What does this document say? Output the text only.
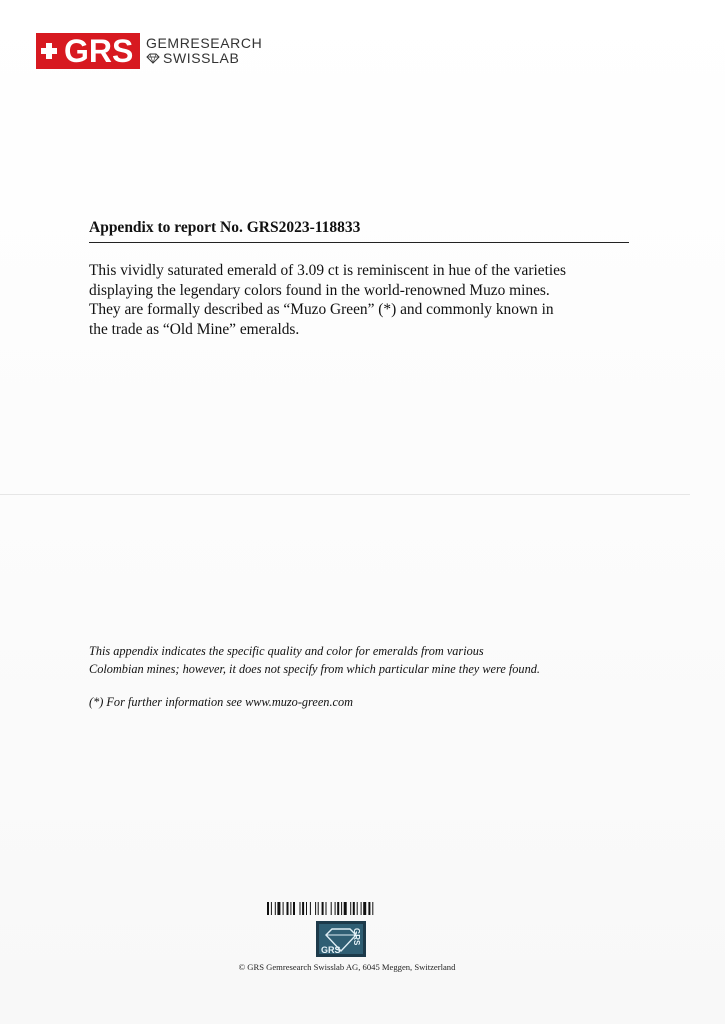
GRS GEMRESEARCH
SWISSLAB
Appendix to report No. GRS2023-118833
This vividly saturated emerald of 3.09 ct is reminiscent in hue of the varieties
displaying the legendary colors found in the world-renowned Muzo mines.
They are formally described as “Muzo Green” (*) and commonly known in
the trade as “Old Mine” emeralds.
This appendix indicates the specific quality and color for emeralds from various
Colombian mines; however, it does not specify from which particular mine they were found.
(*) For further information see www.muzo-green.com
GRS
GRS
© GRS Gemresearch Swisslab AG, 6045 Meggen, Switzerland
